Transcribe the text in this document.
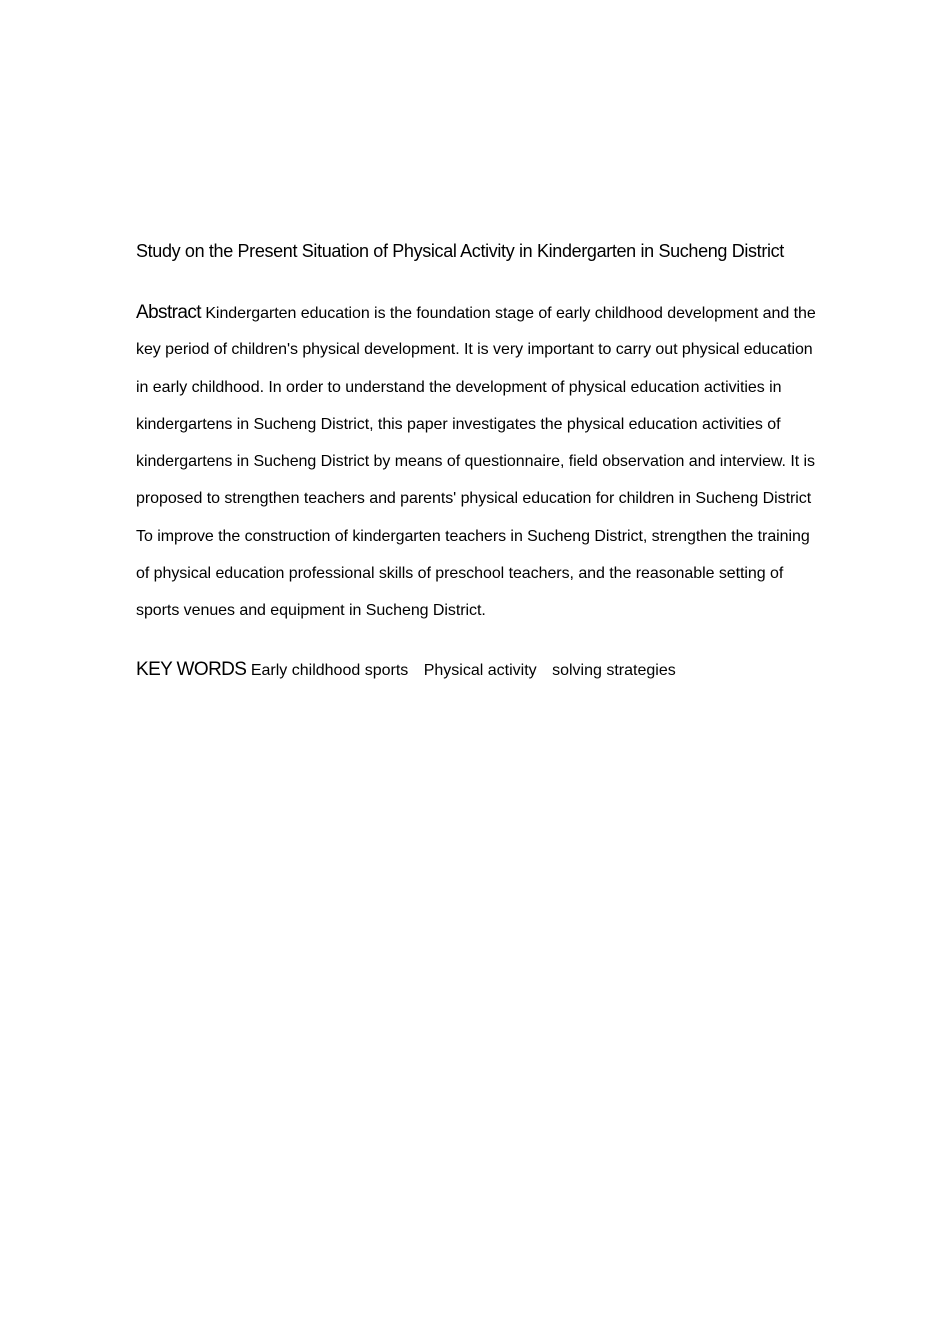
Study on the Present Situation of Physical Activity in Kindergarten in Sucheng District
Abstract Kindergarten education is the foundation stage of early childhood development and the
key period of children's physical development. It is very important to carry out physical education
in early childhood. In order to understand the development of physical education activities in
kindergartens in Sucheng District, this paper investigates the physical education activities of
kindergartens in Sucheng District by means of questionnaire, field observation and interview. It is
proposed to strengthen teachers and parents' physical education for children in Sucheng District
To improve the construction of kindergarten teachers in Sucheng District, strengthen the training
of physical education professional skills of preschool teachers, and the reasonable setting of
sports venues and equipment in Sucheng District.
KEY WORDS Early childhood sports Physical activity solving strategies
